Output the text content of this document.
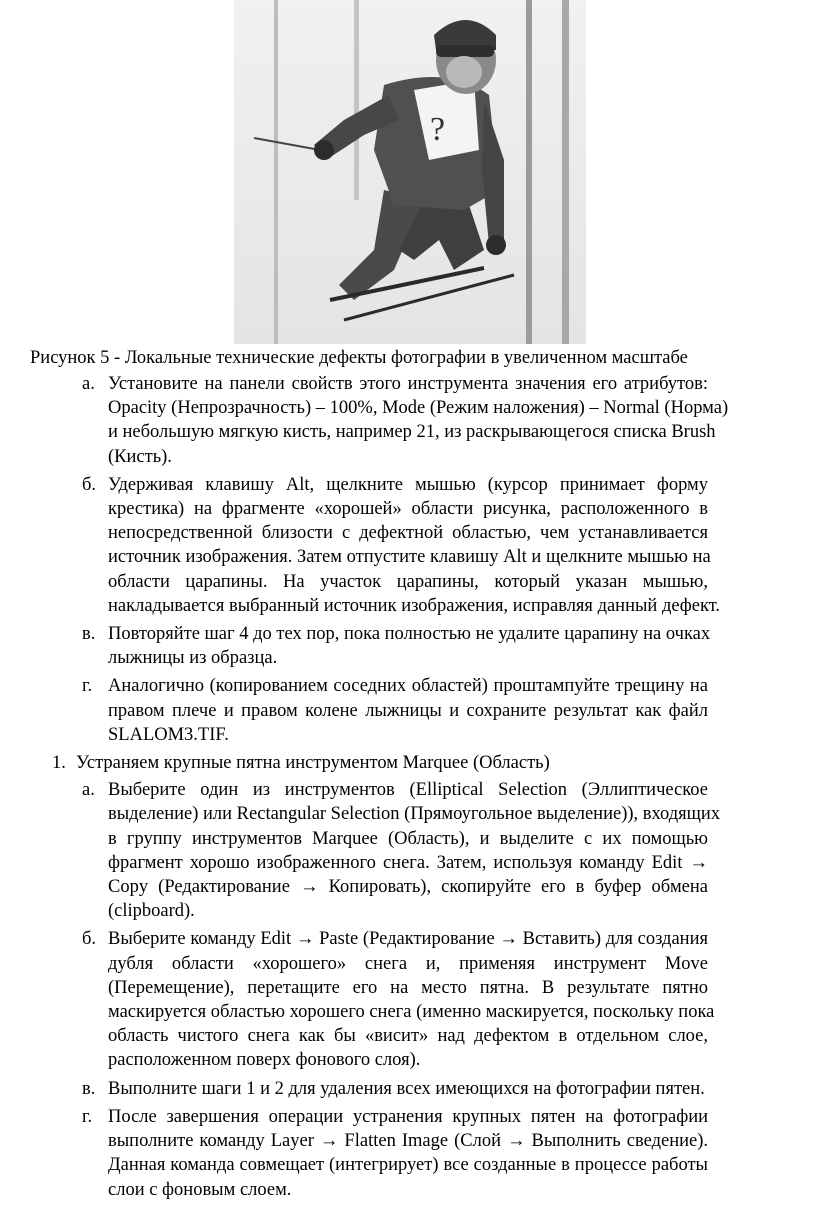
?
Рисунок 5 - Локальные технические дефекты фотографии в увеличенном масштабе
а. Установите на панели свойств этого инструмента значения его атрибутов:
Opacity (Непрозрачность) – 100%, Mode (Режим наложения) – Normal (Норма)
и небольшую мягкую кисть, например 21, из раскрывающегося списка Brush
(Кисть).
б. Удерживая клавишу Alt, щелкните мышью (курсор принимает форму
крестика) на фрагменте «хорошей» области рисунка, расположенного в
непосредственной близости с дефектной областью, чем устанавливается
источник изображения. Затем отпустите клавишу Alt и щелкните мышью на
области царапины. На участок царапины, который указан мышью,
накладывается выбранный источник изображения, исправляя данный дефект.
в. Повторяйте шаг 4 до тех пор, пока полностью не удалите царапину на очках
лыжницы из образца.
г. Аналогично (копированием соседних областей) проштампуйте трещину на
правом плече и правом колене лыжницы и сохраните результат как файл
SLALOM3.TIF.
1. Устраняем крупные пятна инструментом Marquee (Область)
а. Выберите один из инструментов (Elliptical Selection (Эллиптическое
выделение) или Rectangular Selection (Прямоугольное выделение)), входящих
в группу инструментов Marquee (Область), и выделите с их помощью
фрагмент хорошо изображенного снега. Затем, используя команду Edit →
Copy (Редактирование → Копировать), скопируйте его в буфер обмена
(clipboard).
б. Выберите команду Edit → Paste (Редактирование → Вставить) для создания
дубля области «хорошего» снега и, применяя инструмент Move
(Перемещение), перетащите его на место пятна. В результате пятно
маскируется областью хорошего снега (именно маскируется, поскольку пока
область чистого снега как бы «висит» над дефектом в отдельном слое,
расположенном поверх фонового слоя).
в. Выполните шаги 1 и 2 для удаления всех имеющихся на фотографии пятен.
г. После завершения операции устранения крупных пятен на фотографии
выполните команду Layer → Flatten Image (Слой → Выполнить сведение).
Данная команда совмещает (интегрирует) все созданные в процессе работы
слои с фоновым слоем.
